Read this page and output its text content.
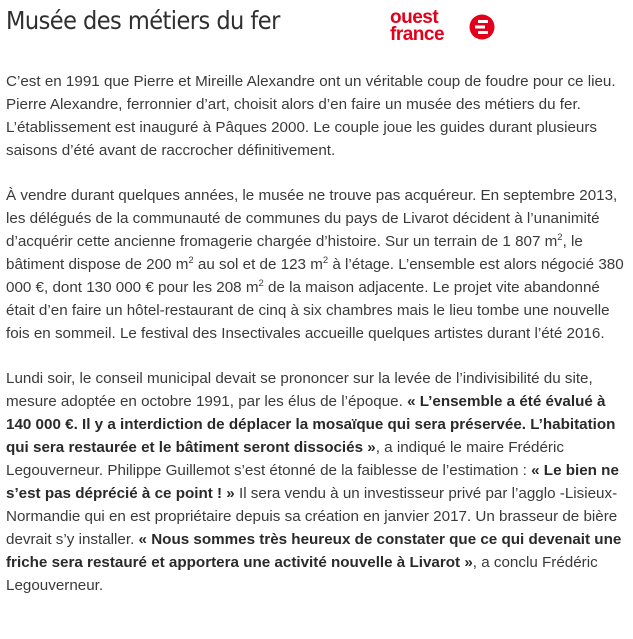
Musée des métiers du fer	ouest
france

C’est en 1991 que Pierre et Mireille Alexandre ont un véritable coup de foudre pour ce lieu. Pierre Alexandre, ferronnier d’art, choisit alors d’en faire un musée des métiers du fer. L’établissement est inauguré à Pâques 2000. Le couple joue les guides durant plusieurs saisons d’été avant de raccrocher définitivement.

À vendre durant quelques années, le musée ne trouve pas acquéreur. En septembre 2013, les délégués de la communauté de communes du pays de Livarot décident à l’unanimité d’acquérir cette ancienne fromagerie chargée d’histoire. Sur un terrain de 1 807 $m^2$, le bâtiment dispose de 200 $m^2$ au sol et de 123 $m^2$ à l’étage. L’ensemble est alors négocié 380 000 €, dont 130 000 € pour les 208 $m^2$ de la maison adjacente. Le projet vite abandonné était d’en faire un hôtel-restaurant de cinq à six chambres mais le lieu tombe une nouvelle fois en sommeil. Le festival des Insectivales accueille quelques artistes durant l’été 2016.

Lundi soir, le conseil municipal devait se prononcer sur la levée de l’indivisibilité du site, mesure adoptée en octobre 1991, par les élus de l’époque. « L’ensemble a été évalué à 140 000 €. Il y a interdiction de déplacer la mosaïque qui sera préservée. L’habitation qui sera restaurée et le bâtiment seront dissociés », a indiqué le maire Frédéric Legouverneur. Philippe Guillemot s’est étonné de la faiblesse de l’estimation : « Le bien ne s’est pas déprécié à ce point ! » Il sera vendu à un investisseur privé par l’agglo -Lisieux-Normandie qui en est propriétaire depuis sa création en janvier 2017. Un brasseur de bière devrait s’y installer. « Nous sommes très heureux de constater que ce qui devenait une friche sera restauré et apportera une activité nouvelle à Livarot », a conclu Frédéric Legouverneur.
